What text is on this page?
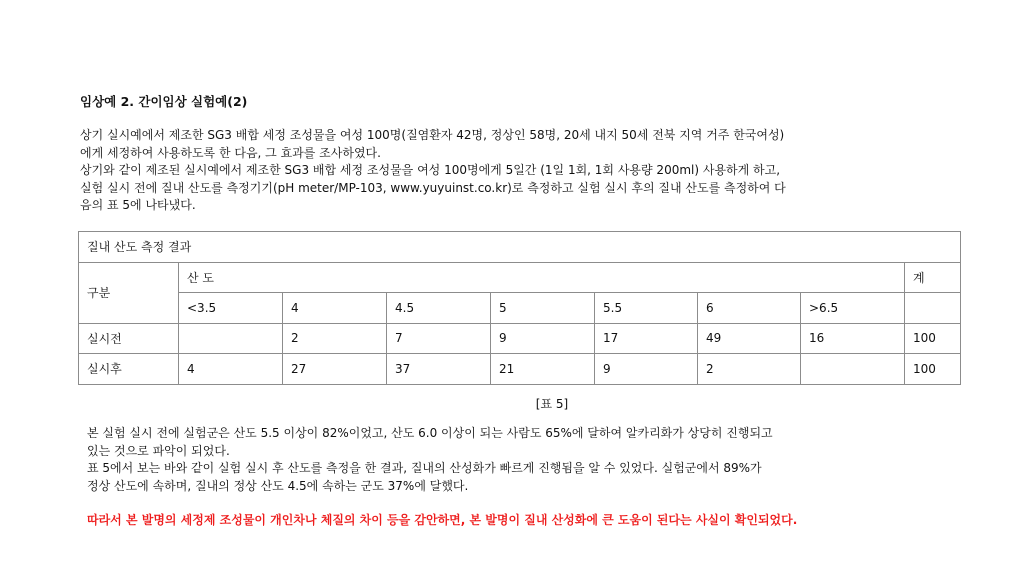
임상예 2. 간이임상 실험예(2)

상기 실시예에서 제조한 SG3 배합 세정 조성물을 여성 100명(질염환자 42명, 정상인 58명, 20세 내지 50세 전북 지역 거주 한국여성)

에게 세정하여 사용하도록 한 다음, 그 효과를 조사하였다.

상기와 같이 제조된 실시예에서 제조한 SG3 배합 세정 조성물을 여성 100명에게 5일간 (1일 1회, 1회 사용량 200ml) 사용하게 하고,

실험 실시 전에 질내 산도를 측정기기(pH meter/MP-103, www.yuyuinst.co.kr)로 측정하고 실험 실시 후의 질내 산도를 측정하여 다

음의 표 5에 나타냈다.

질내 산도 측정 결과								
구분	산 도							계
	<3.5	4	4.5	5	5.5	6	>6.5	
실시전		2	7	9	17	49	16	100
실시후	4	27	37	21	9	2		100
[표 5]

본 실험 실시 전에 실험군은 산도 5.5 이상이 82%이었고, 산도 6.0 이상이 되는 사람도 65%에 달하여 알카리화가 상당히 진행되고

있는 것으로 파악이 되었다.

표 5에서 보는 바와 같이 실험 실시 후 산도를 측정을 한 결과, 질내의 산성화가 빠르게 진행됨을 알 수 있었다. 실험군에서 89%가

정상 산도에 속하며, 질내의 정상 산도 4.5에 속하는 군도 37%에 달했다.

따라서 본 발명의 세정제 조성물이 개인차나 체질의 차이 등을 감안하면, 본 발명이 질내 산성화에 큰 도움이 된다는 사실이 확인되었다.
